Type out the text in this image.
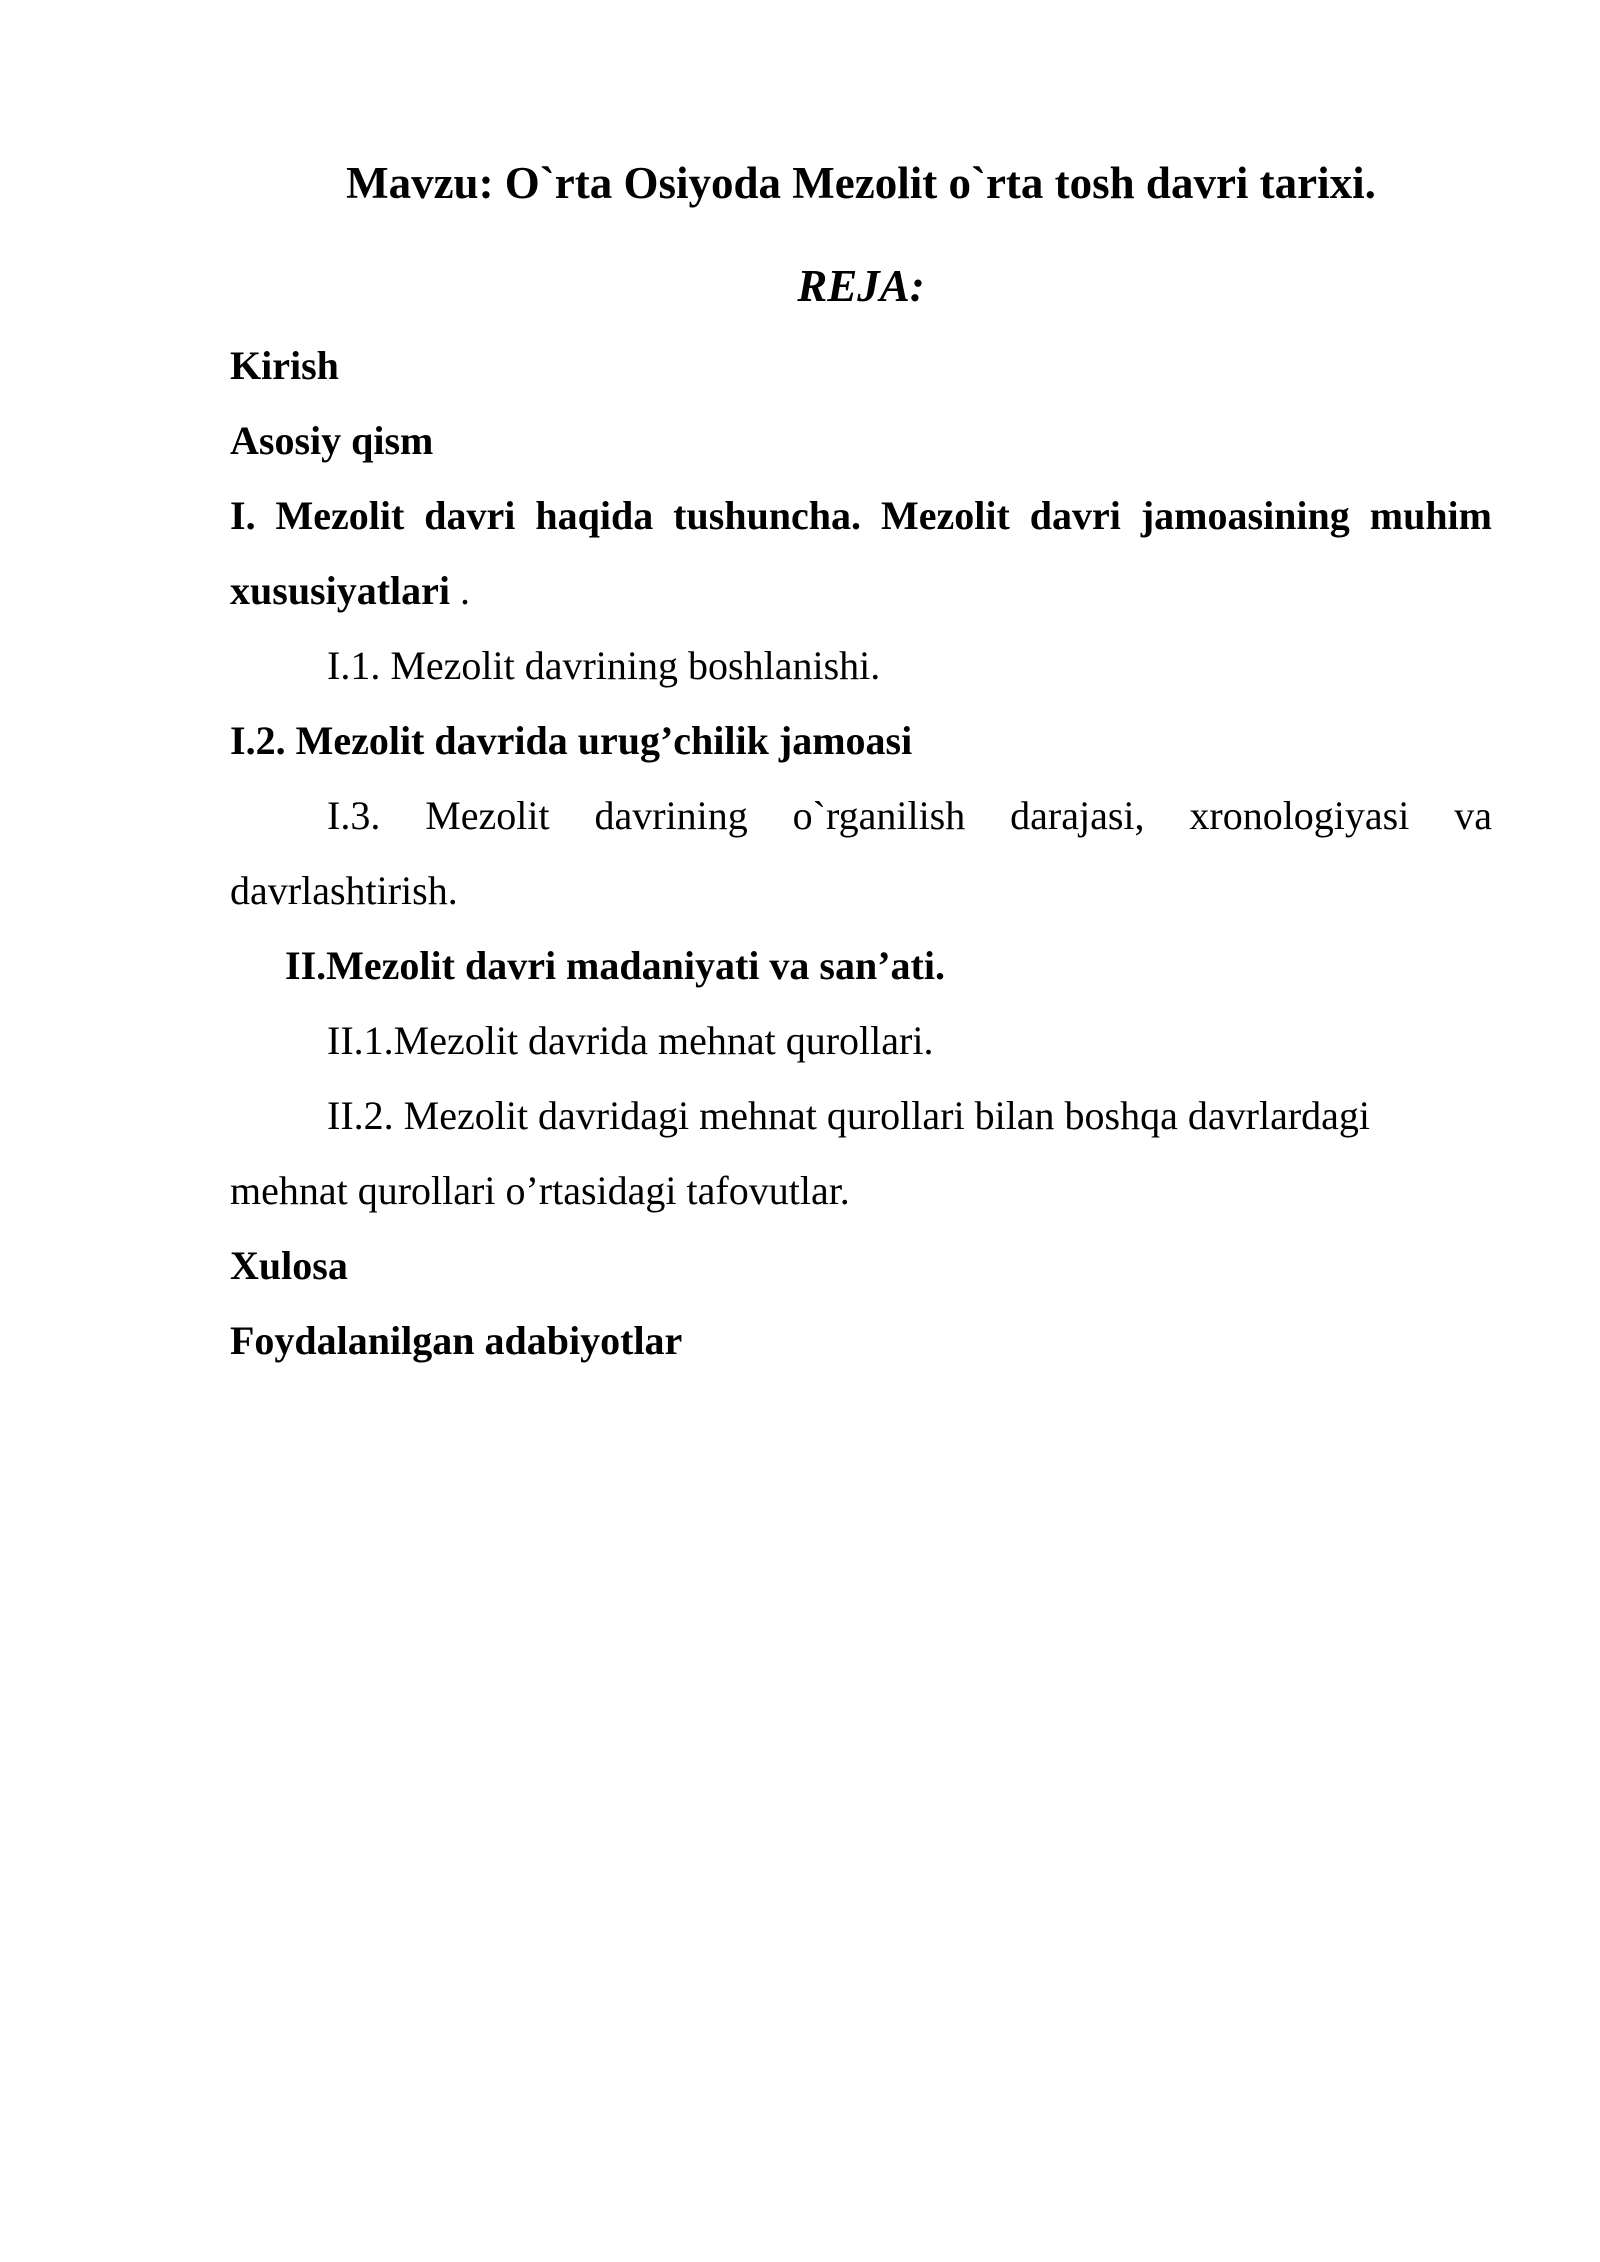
Mavzu: O`rta Osiyoda Mezolit o`rta tosh davri tarixi.

REJA:

Kirish

Asosiy qism

I. Mezolit davri haqida tushuncha. Mezolit davri jamoasining muhim xususiyatlari .

I.1. Mezolit davrining boshlanishi.

I.2. Mezolit davrida urug’chilik jamoasi

I.3. Mezolit davrining o`rganilish darajasi, xronologiyasi va davrlashtirish.

II.Mezolit davri madaniyati va san’ati.

II.1.Mezolit davrida mehnat qurollari.

II.2. Mezolit davridagi mehnat qurollari bilan boshqa davrlardagi mehnat qurollari o’rtasidagi tafovutlar.

Xulosa

Foydalanilgan adabiyotlar
